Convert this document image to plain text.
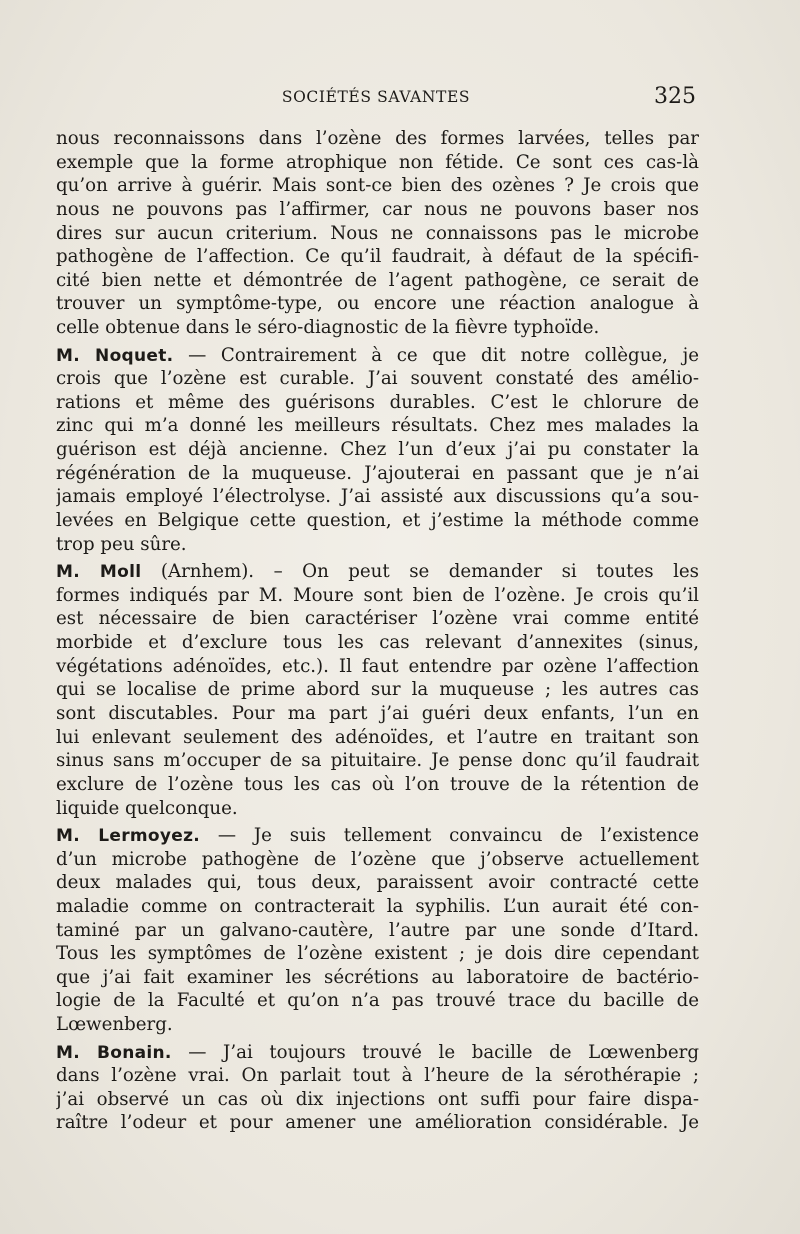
SOCIÉTÉS SAVANTES	325
nous reconnaissons dans l’ozène des formes larvées, telles par
exemple que la forme atrophique non fétide. Ce sont ces cas-là
qu’on arrive à guérir. Mais sont-ce bien des ozènes ? Je crois que
nous ne pouvons pas l’affirmer, car nous ne pouvons baser nos
dires sur aucun criterium. Nous ne connaissons pas le microbe
pathogène de l’affection. Ce qu’il faudrait, à défaut de la spécifi-
cité bien nette et démontrée de l’agent pathogène, ce serait de
trouver un symptôme-type, ou encore une réaction analogue à
celle obtenue dans le séro-diagnostic de la fièvre typhoïde.
M. Noquet. — Contrairement à ce que dit notre collègue, je
crois que l’ozène est curable. J’ai souvent constaté des amélio-
rations et même des guérisons durables. C’est le chlorure de
zinc qui m’a donné les meilleurs résultats. Chez mes malades la
guérison est déjà ancienne. Chez l’un d’eux j’ai pu constater la
régénération de la muqueuse. J’ajouterai en passant que je n’ai
jamais employé l’électrolyse. J’ai assisté aux discussions qu’a sou-
levées en Belgique cette question, et j’estime la méthode comme
trop peu sûre.
M. Moll (Arnhem). – On peut se demander si toutes les
formes indiqués par M. Moure sont bien de l’ozène. Je crois qu’il
est nécessaire de bien caractériser l’ozène vrai comme entité
morbide et d’exclure tous les cas relevant d’annexites (sinus,
végétations adénoïdes, etc.). Il faut entendre par ozène l’affection
qui se localise de prime abord sur la muqueuse ; les autres cas
sont discutables. Pour ma part j’ai guéri deux enfants, l’un en
lui enlevant seulement des adénoïdes, et l’autre en traitant son
sinus sans m’occuper de sa pituitaire. Je pense donc qu’il faudrait
exclure de l’ozène tous les cas où l’on trouve de la rétention de
liquide quelconque.
M. Lermoyez. — Je suis tellement convaincu de l’existence
d’un microbe pathogène de l’ozène que j’observe actuellement
deux malades qui, tous deux, paraissent avoir contracté cette
maladie comme on contracterait la syphilis. L’un aurait été con-
taminé par un galvano-cautère, l’autre par une sonde d’Itard.
Tous les symptômes de l’ozène existent ; je dois dire cependant
que j’ai fait examiner les sécrétions au laboratoire de bactério-
logie de la Faculté et qu’on n’a pas trouvé trace du bacille de
Lœwenberg.
M. Bonain. — J’ai toujours trouvé le bacille de Lœwenberg
dans l’ozène vrai. On parlait tout à l’heure de la sérothérapie ;
j’ai observé un cas où dix injections ont suffi pour faire dispa-
raître l’odeur et pour amener une amélioration considérable. Je
